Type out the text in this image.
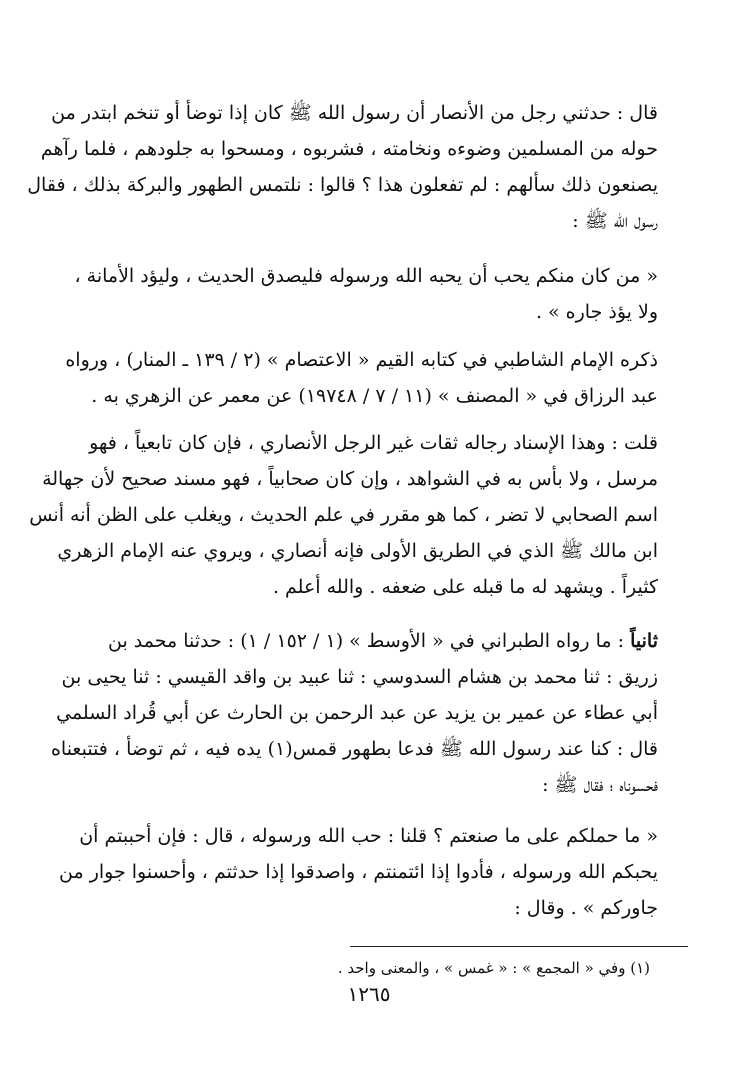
قال : حدثني رجل من الأنصار أن رسول الله ﷺ كان إذا توضأ أو تنخم ابتدر من
حوله من المسلمين وضوءه ونخامته ، فشربوه ، ومسحوا به جلودهم ، فلما رآهم
يصنعون ذلك سألهم : لم تفعلون هذا ؟ قالوا : نلتمس الطهور والبركة بذلك ، فقال
رسول الله ﷺ :
« من كان منكم يحب أن يحبه الله ورسوله فليصدق الحديث ، وليؤد الأمانة ،
ولا يؤذ جاره » .
ذكره الإمام الشاطبي في كتابه القيم « الاعتصام » (٢ / ١٣٩ ـ المنار) ، ورواه
عبد الرزاق في « المصنف » (١١ / ٧ / ١٩٧٤٨) عن معمر عن الزهري به .
قلت : وهذا الإسناد رجاله ثقات غير الرجل الأنصاري ، فإن كان تابعياً ، فهو
مرسل ، ولا بأس به في الشواهد ، وإن كان صحابياً ، فهو مسند صحيح لأن جهالة
اسم الصحابي لا تضر ، كما هو مقرر في علم الحديث ، ويغلب على الظن أنه أنس
ابن مالك ﷺ الذي في الطريق الأولى فإنه أنصاري ، ويروي عنه الإمام الزهري
كثيراً . ويشهد له ما قبله على ضعفه . والله أعلم .
ثانياً : ما رواه الطبراني في « الأوسط » (١ / ١٥٢ / ١) : حدثنا محمد بن
زريق : ثنا محمد بن هشام السدوسي : ثنا عبيد بن واقد القيسي : ثنا يحيى بن
أبي عطاء عن عمير بن يزيد عن عبد الرحمن بن الحارث عن أبي قُراد السلمي
قال : كنا عند رسول الله ﷺ فدعا بطهور قمس(١) يده فيه ، ثم توضأ ، فتتبعناه
فحسوناه ؛ فقال ﷺ :
« ما حملكم على ما صنعتم ؟ قلنا : حب الله ورسوله ، قال : فإن أحببتم أن
يحبكم الله ورسوله ، فأدوا إذا ائتمنتم ، واصدقوا إذا حدثتم ، وأحسنوا جوار من
جاوركم » . وقال :
(١) وفي « المجمع » : « غمس » ، والمعنى واحد .
١٢٦٥
